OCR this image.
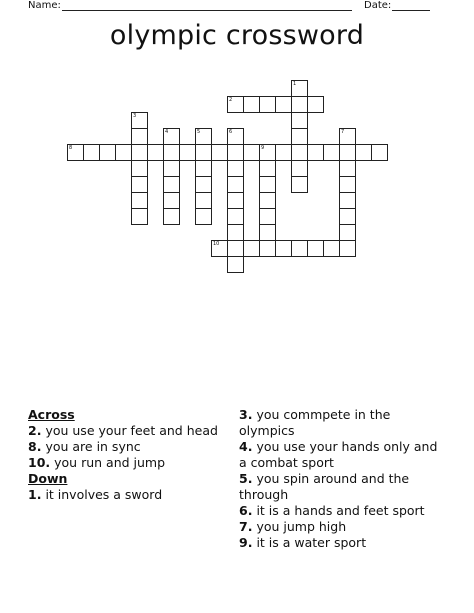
Name:	Date:
olympic crossword
1
2
3
4	5	6	7
8	9
10
Across
2. you use your feet and head
8. you are in sync
10. you run and jump
Down
1. it involves a sword
3. you commpete in the olympics
4. you use your hands only and a combat sport
5. you spin around and the through
6. it is a hands and feet sport
7. you jump high
9. it is a water sport
